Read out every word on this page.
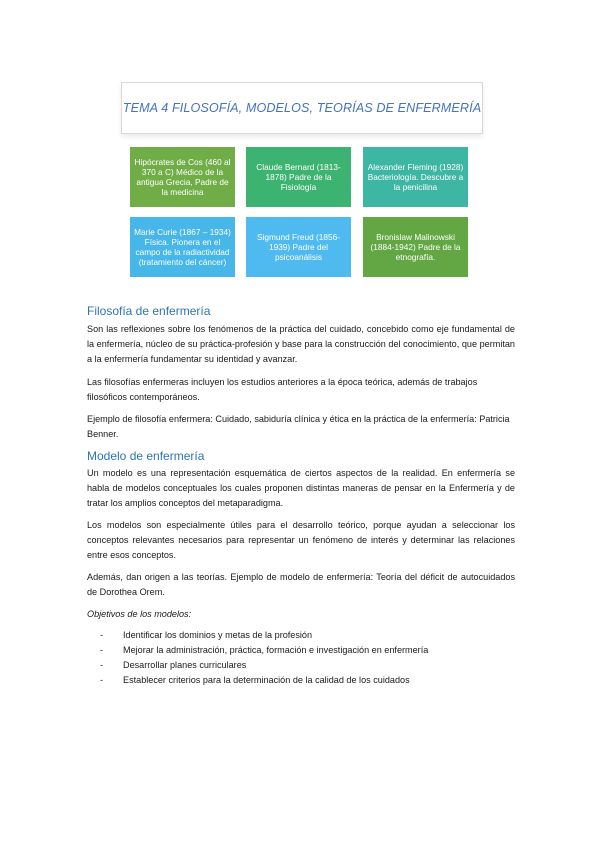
TEMA 4 FILOSOFÍA, MODELOS, TEORÍAS DE ENFERMERÍA
Hipócrates de Cos (460 al 370 a C) Médico de la antigua Grecia, Padre de la medicina
Claude Bernard (1813-1878) Padre de la Fisiología
Alexander Fleming (1928) Bacteriología. Descubre a la penicilina
Marie Curie (1867 – 1934) Física. Pionera en el campo de la radiactividad (tratamiento del cáncer)
Sigmund Freud (1856-1939) Padre del psicoanálisis
Bronislaw Malinowski (1884-1942) Padre de la etnografía.
Filosofía de enfermería

Son las reflexiones sobre los fenómenos de la práctica del cuidado, concebido como eje fundamental de la enfermería, núcleo de su práctica-profesión y base para la construcción del conocimiento, que permitan a la enfermería fundamentar su identidad y avanzar.

Las filosofías enfermeras incluyen los estudios anteriores a la época teórica, además de trabajos filosóficos contemporáneos.

Ejemplo de filosofía enfermera: Cuidado, sabiduría clínica y ética en la práctica de la enfermería: Patricia Benner.

Modelo de enfermería

Un modelo es una representación esquemática de ciertos aspectos de la realidad. En enfermería se habla de modelos conceptuales los cuales proponen distintas maneras de pensar en la Enfermería y de tratar los amplios conceptos del metaparadigma.

Los modelos son especialmente útiles para el desarrollo teórico, porque ayudan a seleccionar los conceptos relevantes necesarios para representar un fenómeno de interés y determinar las relaciones entre esos conceptos.

Además, dan origen a las teorías. Ejemplo de modelo de enfermería: Teoría del déficit de autocuidados de Dorothea Orem.

Objetivos de los modelos:

- Identificar los dominios y metas de la profesión
- Mejorar la administración, práctica, formación e investigación en enfermería
- Desarrollar planes curriculares
- Establecer criterios para la determinación de la calidad de los cuidados
